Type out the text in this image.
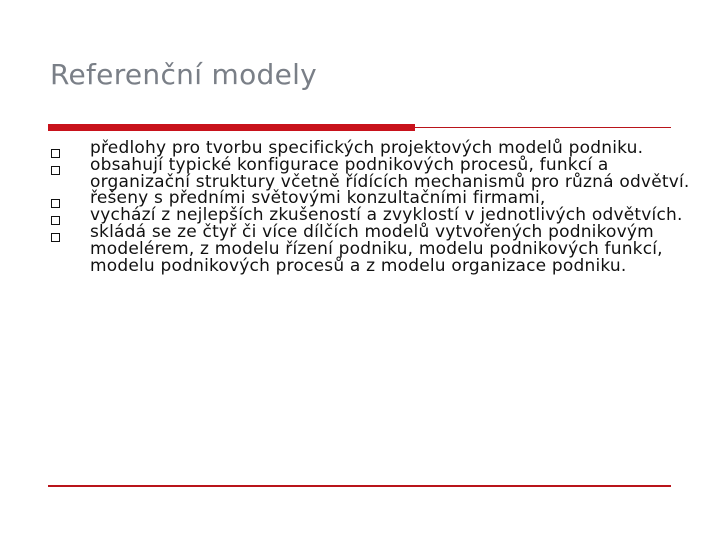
Referenční modely
předlohy pro tvorbu specifických projektových modelů podniku.
obsahují typické konfigurace podnikových procesů, funkcí a organizační struktury včetně řídících mechanismů pro různá odvětví.
řešeny s předními světovými konzultačními firmami,
vychází z nejlepších zkušeností a zvyklostí v jednotlivých odvětvích.
skládá se ze čtyř či více dílčích modelů vytvořených podnikovým modelérem, z modelu řízení podniku, modelu podnikových funkcí, modelu podnikových procesů a z modelu organizace podniku.
